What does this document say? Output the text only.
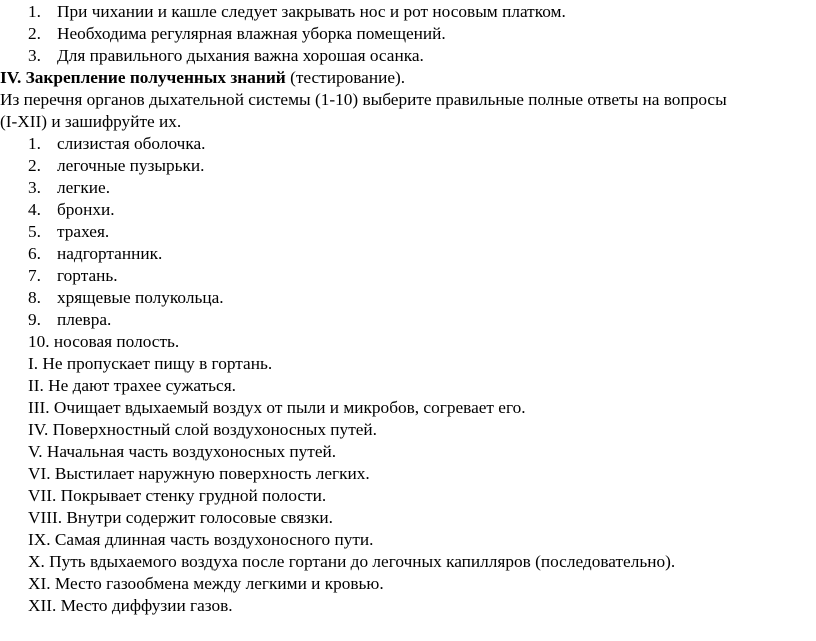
1. При чихании и кашле следует закрывать нос и рот носовым платком.
2. Необходима регулярная влажная уборка помещений.
3. Для правильного дыхания важна хорошая осанка.
IV. Закрепление полученных знаний (тестирование).
Из перечня органов дыхательной системы (1-10) выберите правильные полные ответы на вопросы
(I-XII) и зашифруйте их.
1. слизистая оболочка.
2. легочные пузырьки.
3. легкие.
4. бронхи.
5. трахея.
6. надгортанник.
7. гортань.
8. хрящевые полукольца.
9. плевра.
10. носовая полость.
I. Не пропускает пищу в гортань.
II. Не дают трахее сужаться.
III. Очищает вдыхаемый воздух от пыли и микробов, согревает его.
IV. Поверхностный слой воздухоносных путей.
V. Начальная часть воздухоносных путей.
VI. Выстилает наружную поверхность легких.
VII. Покрывает стенку грудной полости.
VIII. Внутри содержит голосовые связки.
IX. Самая длинная часть воздухоносного пути.
X. Путь вдыхаемого воздуха после гортани до легочных капилляров (последовательно).
XI. Место газообмена между легкими и кровью.
XII. Место диффузии газов.
